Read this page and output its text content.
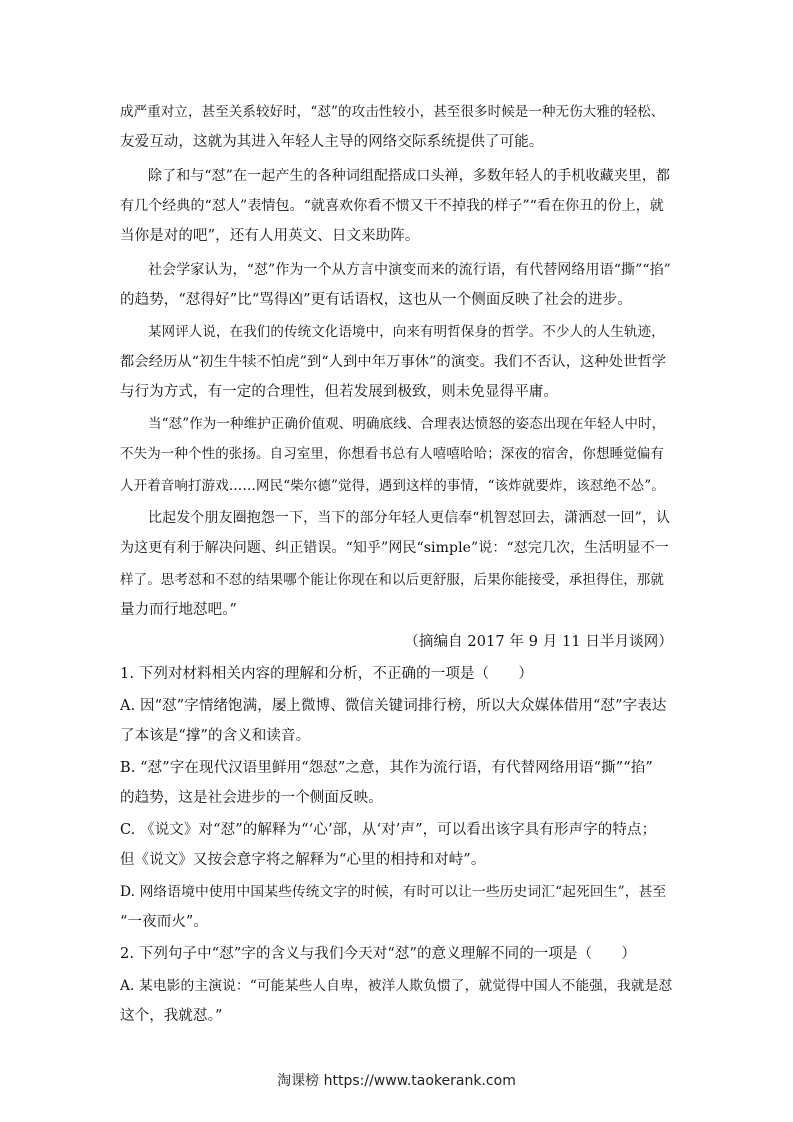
成严重对立，甚至关系较好时，“怼”的攻击性较小，甚至很多时候是一种无伤大雅的轻松、
友爱互动，这就为其进入年轻人主导的网络交际系统提供了可能。
除了和与“怼”在一起产生的各种词组配搭成口头禅，多数年轻人的手机收藏夹里，都
有几个经典的“怼人”表情包。“就喜欢你看不惯又干不掉我的样子”“看在你丑的份上，就
当你是对的吧”，还有人用英文、日文来助阵。
社会学家认为，“怼”作为一个从方言中演变而来的流行语，有代替网络用语“撕”“掐”
的趋势，“怼得好”比“骂得凶”更有话语权，这也从一个侧面反映了社会的进步。
某网评人说，在我们的传统文化语境中，向来有明哲保身的哲学。不少人的人生轨迹，
都会经历从“初生牛犊不怕虎”到“人到中年万事休”的演变。我们不否认，这种处世哲学
与行为方式，有一定的合理性，但若发展到极致，则未免显得平庸。
当“怼”作为一种维护正确价值观、明确底线、合理表达愤怒的姿态出现在年轻人中时，
不失为一种个性的张扬。自习室里，你想看书总有人嘻嘻哈哈；深夜的宿舍，你想睡觉偏有
人开着音响打游戏……网民“柴尔德”觉得，遇到这样的事情，“该炸就要炸，该怼绝不怂”。
比起发个朋友圈抱怨一下，当下的部分年轻人更信奉“机智怼回去，潇洒怼一回”，认
为这更有利于解决问题、纠正错误。“知乎”网民“simple”说：“怼完几次，生活明显不一
样了。思考怼和不怼的结果哪个能让你现在和以后更舒服，后果你能接受，承担得住，那就
量力而行地怼吧。”
（摘编自 2017 年 9 月 11 日半月谈网）
1. 下列对材料相关内容的理解和分析，不正确的一项是（　　）
A. 因“怼”字情绪饱满，屡上微博、微信关键词排行榜，所以大众媒体借用“怼”字表达
了本该是“撑”的含义和读音。
B. “怼”字在现代汉语里鲜用“怨怼”之意，其作为流行语，有代替网络用语“撕”“掐”
的趋势，这是社会进步的一个侧面反映。
C. 《说文》对“怼”的解释为“‘心’部，从‘对’声”，可以看出该字具有形声字的特点；
但《说文》又按会意字将之解释为“心里的相持和对峙”。
D. 网络语境中使用中国某些传统文字的时候，有时可以让一些历史词汇“起死回生”，甚至
“一夜而火”。
2. 下列句子中“怼”字的含义与我们今天对“怼”的意义理解不同的一项是（　　）
A. 某电影的主演说：“可能某些人自卑，被洋人欺负惯了，就觉得中国人不能强，我就是怼
这个，我就怼。”
淘课榜 https://www.taokerank.com
